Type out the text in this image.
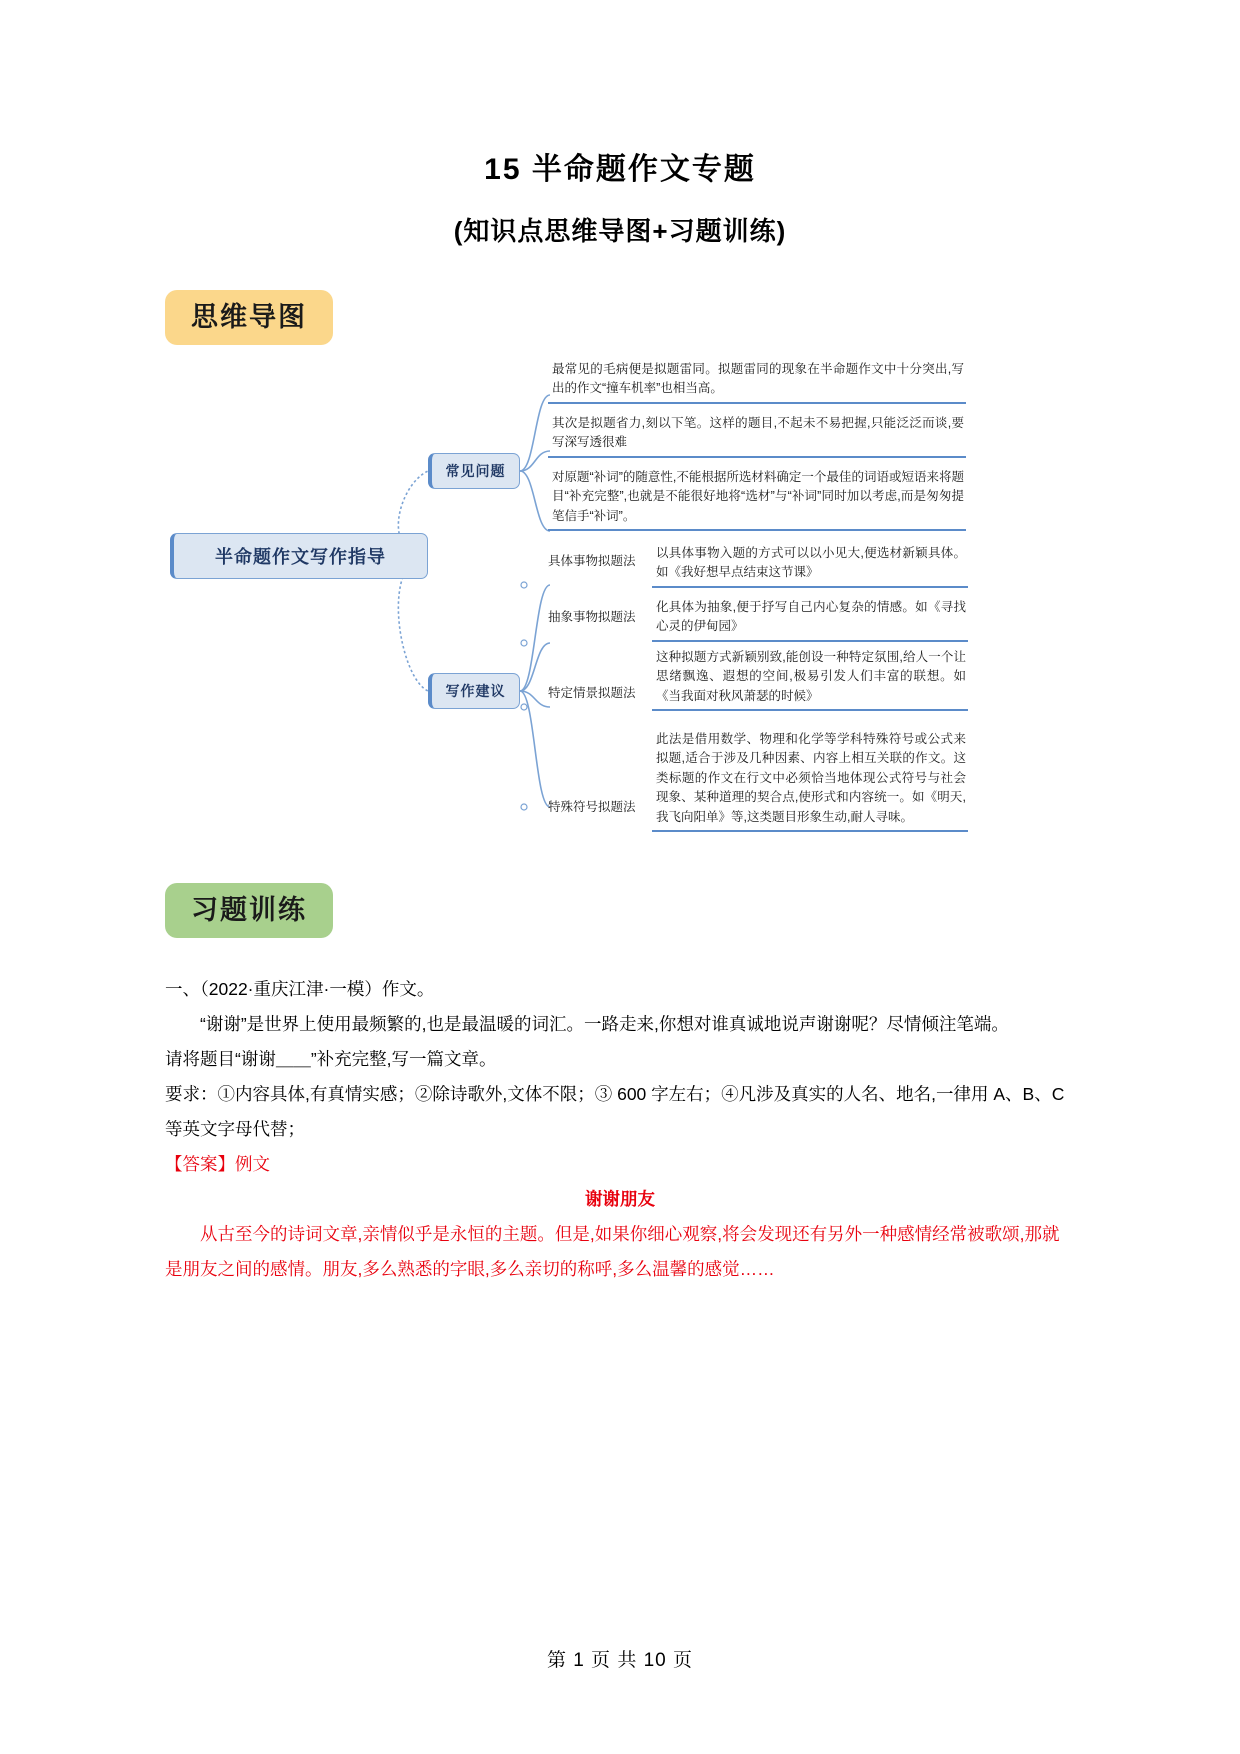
15 半命题作文专题
(知识点思维导图+习题训练)
思维导图
半命题作文写作指导
常见问题
写作建议
最常见的毛病便是拟题雷同。拟题雷同的现象在半命题作文中十分突出,写出的作文“撞车机率”也相当高。
其次是拟题省力,刻以下笔。这样的题目,不起未不易把握,只能泛泛而谈,要写深写透很难
对原题“补词”的随意性,不能根据所选材料确定一个最佳的词语或短语来将题目“补充完整”,也就是不能很好地将“选材”与“补词”同时加以考虑,而是匆匆提笔信手“补词”。
具体事物拟题法
抽象事物拟题法
特定情景拟题法
特殊符号拟题法
以具体事物入题的方式可以以小见大,便选材新颖具体。如《我好想早点结束这节课》
化具体为抽象,便于抒写自己内心复杂的情感。如《寻找心灵的伊甸园》
这种拟题方式新颖别致,能创设一种特定氛围,给人一个让思绪飘逸、遐想的空间,极易引发人们丰富的联想。如《当我面对秋风萧瑟的时候》
此法是借用数学、物理和化学等学科特殊符号或公式来拟题,适合于涉及几种因素、内容上相互关联的作文。这类标题的作文在行文中必须恰当地体现公式符号与社会现象、某种道理的契合点,使形式和内容统一。如《明天,我飞向阳单》等,这类题目形象生动,耐人寻味。
习题训练

一、（2022·重庆江津·一模）作文。

“谢谢”是世界上使用最频繁的,也是最温暖的词汇。一路走来,你想对谁真诚地说声谢谢呢？尽情倾注笔端。

请将题目“谢谢＿＿”补充完整,写一篇文章。

要求：①内容具体,有真情实感；②除诗歌外,文体不限；③ 600 字左右；④凡涉及真实的人名、地名,一律用 A、B、C 等英文字母代替；

【答案】例文

谢谢朋友

从古至今的诗词文章,亲情似乎是永恒的主题。但是,如果你细心观察,将会发现还有另外一种感情经常被歌颂,那就是朋友之间的感情。朋友,多么熟悉的字眼,多么亲切的称呼,多么温馨的感觉……

第 1 页 共 10 页
